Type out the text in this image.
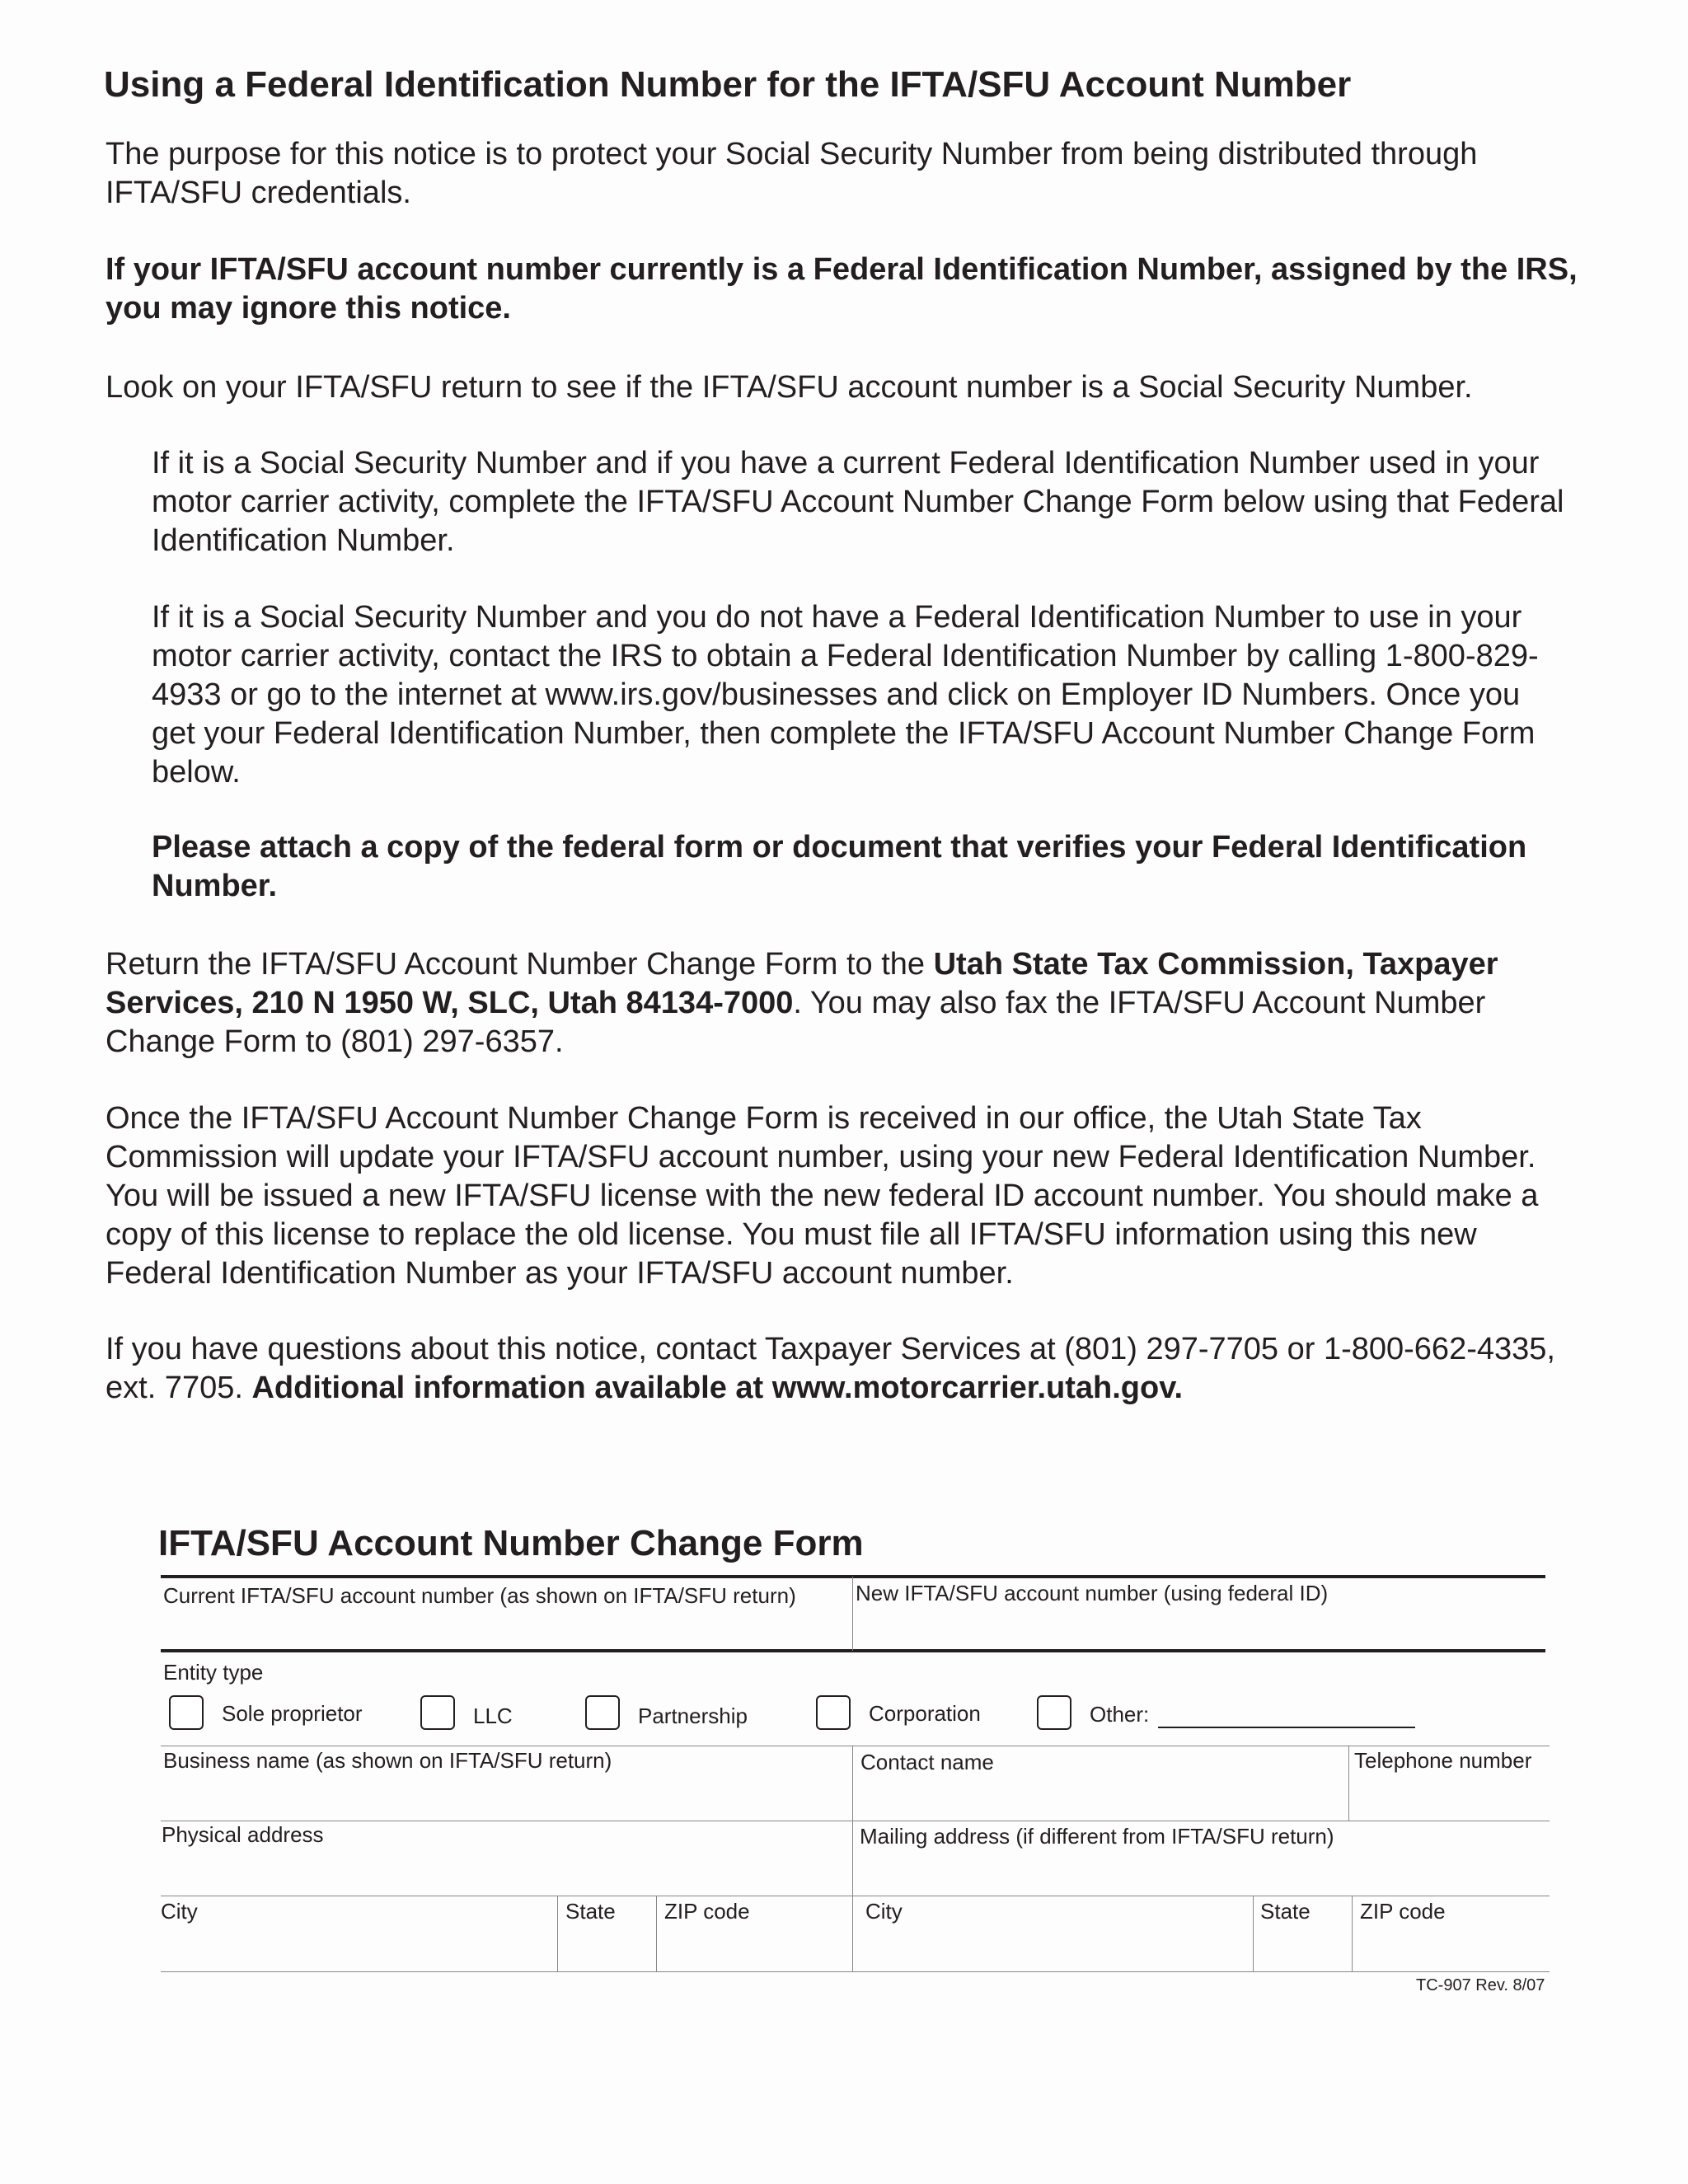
Using a Federal Identification Number for the IFTA/SFU Account Number

The purpose for this notice is to protect your Social Security Number from being distributed through IFTA/SFU credentials.

If your IFTA/SFU account number currently is a Federal Identification Number, assigned by the IRS, you may ignore this notice.

Look on your IFTA/SFU return to see if the IFTA/SFU account number is a Social Security Number.

If it is a Social Security Number and if you have a current Federal Identification Number used in your motor carrier activity, complete the IFTA/SFU Account Number Change Form below using that Federal Identification Number.

If it is a Social Security Number and you do not have a Federal Identification Number to use in your motor carrier activity, contact the IRS to obtain a Federal Identification Number by calling 1-800-829-4933 or go to the internet at www.irs.gov/businesses and click on Employer ID Numbers. Once you get your Federal Identification Number, then complete the IFTA/SFU Account Number Change Form below.

Please attach a copy of the federal form or document that verifies your Federal Identification Number.

Return the IFTA/SFU Account Number Change Form to the Utah State Tax Commission, Taxpayer Services, 210 N 1950 W, SLC, Utah 84134-7000. You may also fax the IFTA/SFU Account Number Change Form to (801) 297-6357.

Once the IFTA/SFU Account Number Change Form is received in our office, the Utah State Tax Commission will update your IFTA/SFU account number, using your new Federal Identification Number. You will be issued a new IFTA/SFU license with the new federal ID account number. You should make a copy of this license to replace the old license. You must file all IFTA/SFU information using this new Federal Identification Number as your IFTA/SFU account number.

If you have questions about this notice, contact Taxpayer Services at (801) 297-7705 or 1-800-662-4335, ext. 7705. Additional information available at www.motorcarrier.utah.gov.

IFTA/SFU Account Number Change Form
Current IFTA/SFU account number (as shown on IFTA/SFU return)	New IFTA/SFU account number (using federal ID)
Entity type
Sole proprietor	LLC	Partnership	Corporation	Other:
Business name (as shown on IFTA/SFU return)	Contact name	Telephone number
Physical address	Mailing address (if different from IFTA/SFU return)
City	State ZIP code	City	State ZIP code
TC-907 Rev. 8/07
